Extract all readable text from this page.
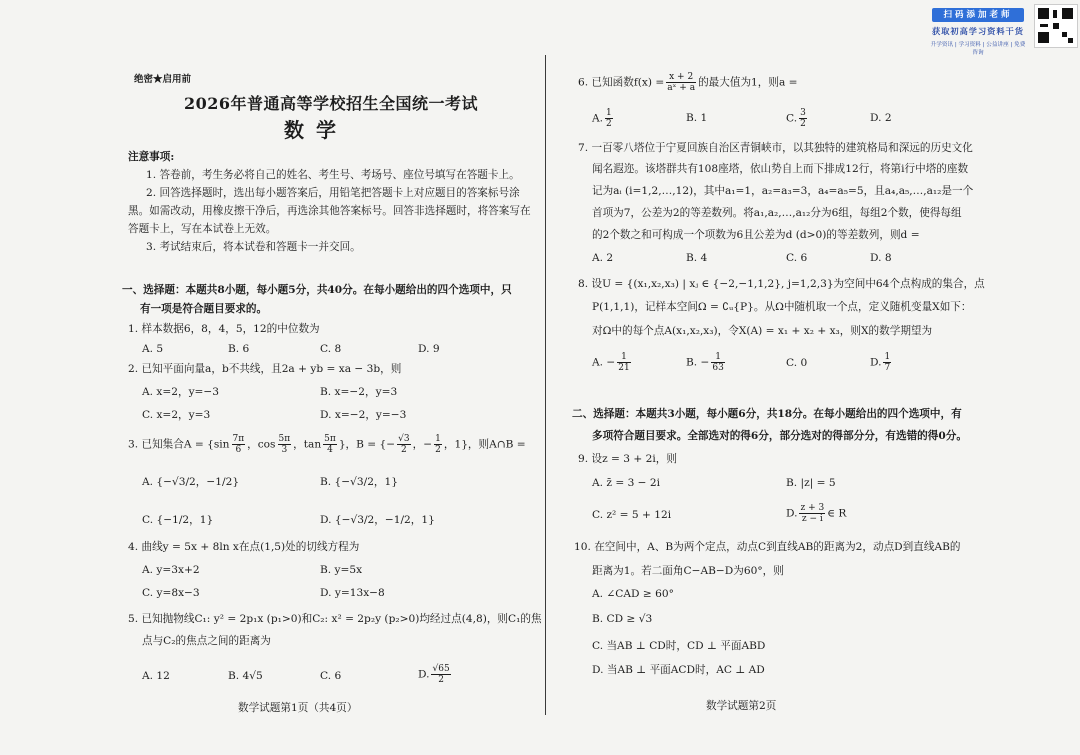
扫码添加老师
获取初高学习资料干货
升学资讯 | 学习资料 | 公益讲座 | 免费咨询
绝密★启用前
2026年普通高等学校招生全国统一考试
数学
注意事项:
1. 答卷前，考生务必将自己的姓名、考生号、考场号、座位号填写在答题卡上。
2. 回答选择题时，选出每小题答案后，用铅笔把答题卡上对应题目的答案标号涂
黑。如需改动，用橡皮擦干净后，再选涂其他答案标号。回答非选择题时，将答案写在
答题卡上，写在本试卷上无效。
3. 考试结束后，将本试卷和答题卡一并交回。
一、选择题：本题共8小题，每小题5分，共40分。在每小题给出的四个选项中，只
有一项是符合题目要求的。
1. 样本数据6，8，4，5，12的中位数为
A. 5	B. 6	C. 8	D. 9
2. 已知平面向量a，b不共线，且2a + yb = xa − 3b，则
A. x=2，y=−3	B. x=−2，y=3
C. x=2，y=3	D. x=−2，y=−3
3. 已知集合$A = \{\sin \frac{7\pi}{6}$ ，$\cos \frac{5\pi}{3}$ ，$\tan \frac{5\pi}{4}$ }，B = {− $\frac{√3}{2}$ ，− $\frac{1}{2}$ ，1}，则A∩B =
A. {−√3/2，−1/2}	B. {−√3/2，1}
C. {−1/2，1}	D. {−√3/2，−1/2，1}
4. 曲线y = 5x + 8ln x在点(1,5)处的切线方程为
A. y=3x+2	B. y=5x
C. y=8x−3	D. y=13x−8
5. 已知抛物线C₁: y² = 2p₁x (p₁>0)和C₂: x² = 2p₂y (p₂>0)均经过点(4,8)，则C₁的焦
点与C₂的焦点之间的距离为
A. 12	B. 4√5	C. 6	D. $\frac{√65}{2}$
数学试题第1页（共4页）
6. 已知函数$f(x) = \frac{x + 2}{\text{aˣ + a}}$ 的最大值为1，则a =
A. $\frac{1}{2}$	B. 1	C. $\frac{3}{2}$	D. 2
7. 一百零八塔位于宁夏回族自治区青铜峡市，以其独特的建筑格局和深远的历史文化
闻名遐迩。该塔群共有108座塔，依山势自上而下排成12行，将第i行中塔的座数
记为aᵢ (i=1,2,…,12)，其中a₁=1，a₂=a₃=3，a₄=a₅=5，且a₄,a₅,…,a₁₂是一个
首项为7，公差为2的等差数列。将a₁,a₂,…,a₁₂分为6组，每组2个数，使得每组
的2个数之和可构成一个项数为6且公差为d (d>0)的等差数列，则d =
A. 2	B. 4	C. 6	D. 8
8. 设U = {(x₁,x₂,x₃) | xⱼ ∈ {−2,−1,1,2}, j=1,2,3}为空间中64个点构成的集合，点
P(1,1,1)，记样本空间Ω = ∁ᵤ{P}。从Ω中随机取一个点，定义随机变量X如下：
对Ω中的每个点A(x₁,x₂,x₃)，令X(A) = x₁ + x₂ + x₃，则X的数学期望为
A. − $\frac{1}{21}$	B. − $\frac{1}{63}$	C. 0	D. $\frac{1}{7}$
二、选择题：本题共3小题，每小题6分，共18分。在每小题给出的四个选项中，有
多项符合题目要求。全部选对的得6分，部分选对的得部分分，有选错的得0分。
9. 设z = 3 + 2i，则
A. z̄ = 3 − 2i	B. |z| = 5
C. z² = 5 + 12i	D. $\frac{z + 3}{z - i}$ ∈ R
10. 在空间中，A、B为两个定点，动点C到直线AB的距离为2，动点D到直线AB的
距离为1。若二面角C−AB−D为60°，则
A. ∠CAD ≥ 60°
B. CD ≥ √3
C. 当AB ⊥ CD时，CD ⊥ 平面ABD
D. 当AB ⊥ 平面ACD时，AC ⊥ AD
数学试题第2页
